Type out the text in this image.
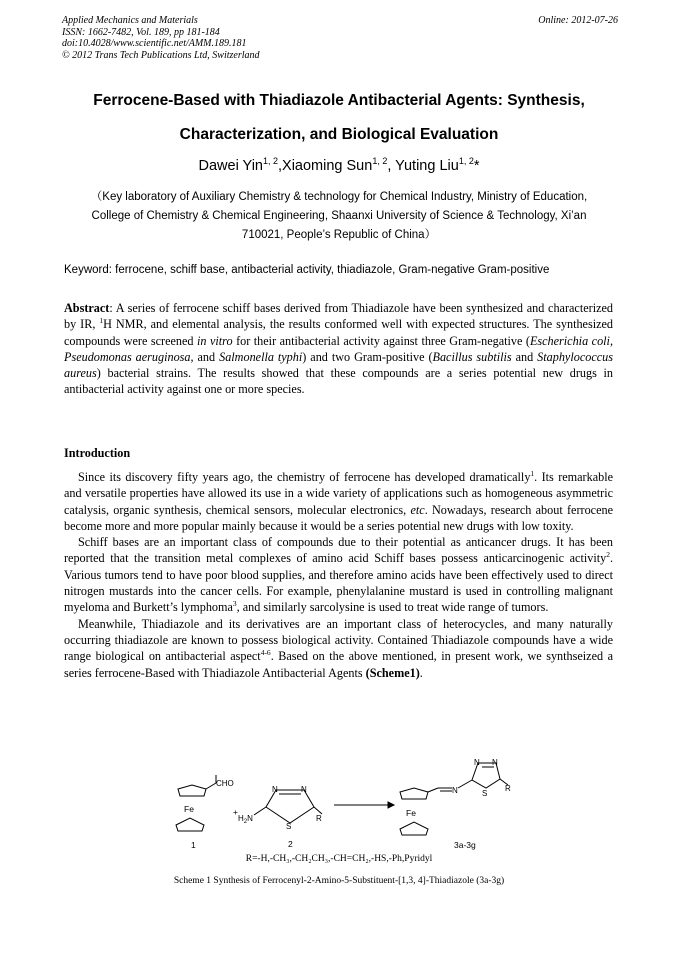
Applied Mechanics and Materials
ISSN: 1662-7482, Vol. 189, pp 181-184
doi:10.4028/www.scientific.net/AMM.189.181
© 2012 Trans Tech Publications Ltd, Switzerland
Online: 2012-07-26
Ferrocene-Based with Thiadiazole Antibacterial Agents: Synthesis,
Characterization, and Biological Evaluation
Dawei Yin$^{1, 2}$,Xiaoming Sun$^{1, 2}$, Yuting Liu$^{1, 2}$*
（Key laboratory of Auxiliary Chemistry & technology for Chemical Industry, Ministry of Education,
College of Chemistry & Chemical Engineering, Shaanxi University of Science & Technology, Xi’an
710021, People’s Republic of China）
Keyword: ferrocene, schiff base, antibacterial activity, thiadiazole, Gram-negative Gram-positive

Abstract: A series of ferrocene schiff bases derived from Thiadiazole have been synthesized and characterized by IR, $^1$H NMR, and elemental analysis, the results conformed well with expected structures. The synthesized compounds were screened in vitro for their antibacterial activity against three Gram-negative (Escherichia coli, Pseudomonas aeruginosa, and Salmonella typhi) and two Gram-positive (Bacillus subtilis and Staphylococcus aureus) bacterial strains. The results showed that these compounds are a series potential new drugs in antibacterial activity against one or more species.

Introduction

Since its discovery fifty years ago, the chemistry of ferrocene has developed dramatically$^1$. Its remarkable and versatile properties have allowed its use in a wide variety of applications such as homogeneous asymmetric catalysis, organic synthesis, chemical sensors, molecular electronics, etc. Nowadays, research about ferrocene become more and more popular mainly because it would be a series potential new drugs with low toxity.

Schiff bases are an important class of compounds due to their potential as anticancer drugs. It has been reported that the transition metal complexes of amino acid Schiff bases possess anticarcinogenic activity$^2$. Various tumors tend to have poor blood supplies, and therefore amino acids have been effectively used to direct nitrogen mustards into the cancer cells. For example, phenylalanine mustard is used in controlling malignant myeloma and Burkett’s lymphoma$^3$, and similarly sarcolysine is used to treat wide range of tumors.

Meanwhile, Thiadiazole and its derivatives are an important class of heterocycles, and many naturally occurring thiadiazole are known to possess biological activity. Contained Thiadiazole compounds have a wide range biological on antibacterial aspect$^{4-6}$. Based on the above mentioned, in present work, we synthseized a series ferrocene-Based with Thiadiazole Antibacterial Agents (Scheme1).

CHO
Fe	+
$H_2N$
N	N
S
R
N N
N	S
R
Fe
1	2	3a-3g
R=-H,-CH₃,-CH₂CH₃,-CH=CH₂,-HS,-Ph,Pyridyl
Scheme 1 Synthesis of Ferrocenyl-2-Amino-5-Substituent-[1,3, 4]-Thiadiazole (3a-3g)
